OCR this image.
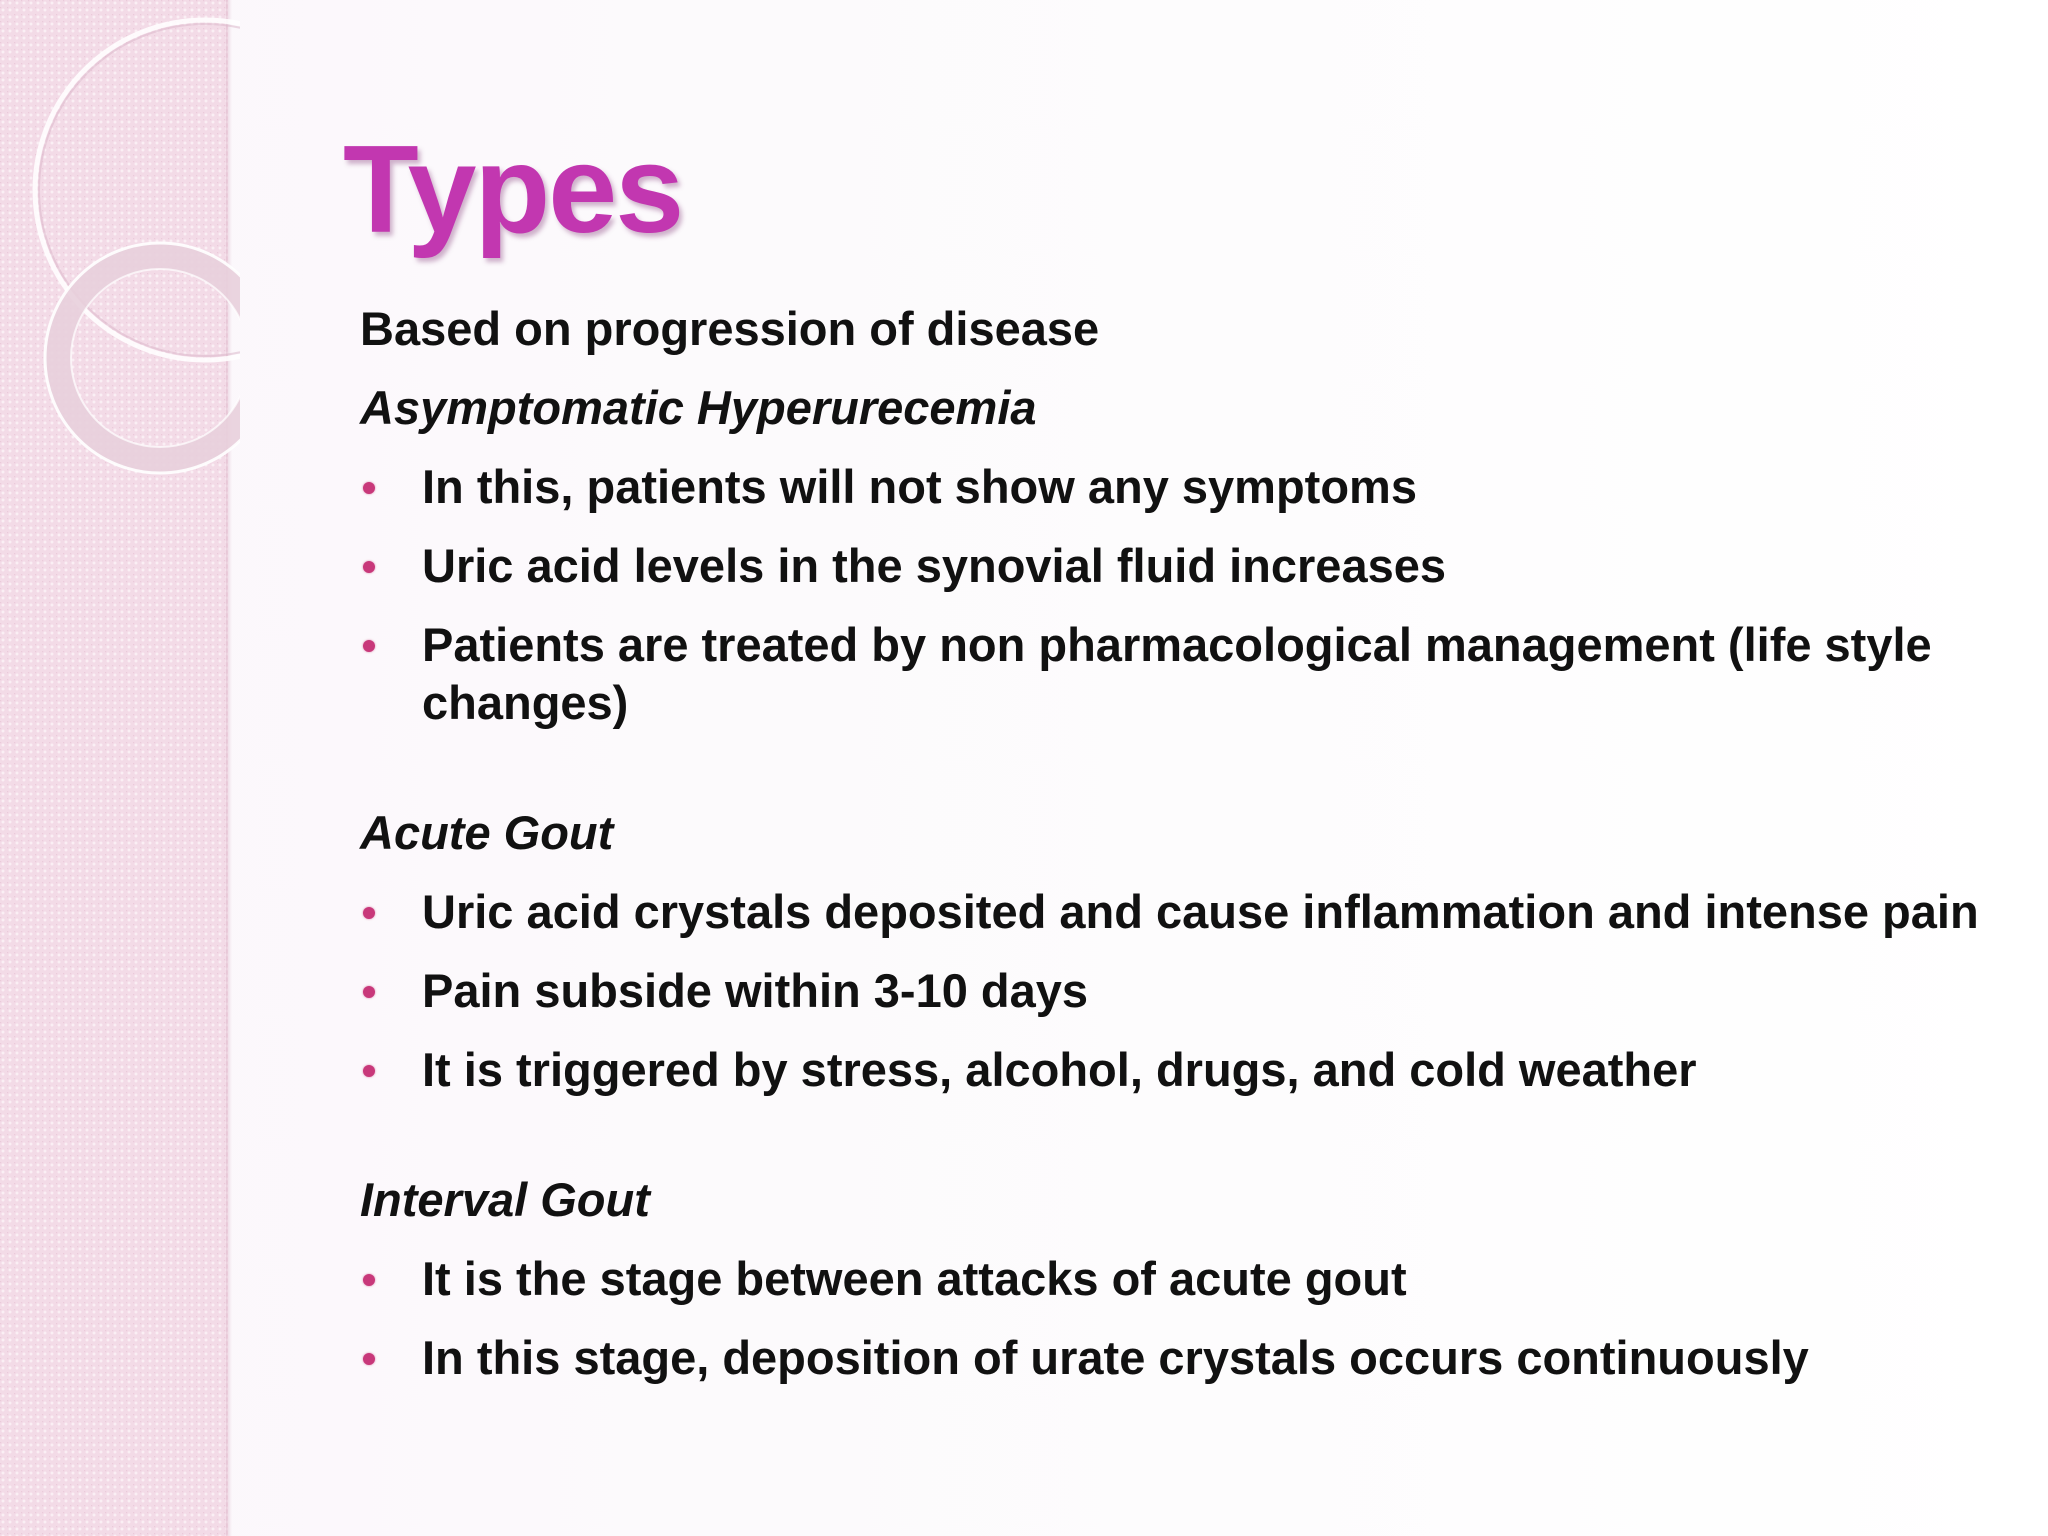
Types

Based on progression of disease

Asymptomatic Hyperurecemia

In this, patients will not show any symptoms
Uric acid levels in the synovial fluid increases
Patients are treated by non pharmacological management (life style changes)

Acute Gout

Uric acid crystals deposited and cause inflammation and intense pain
Pain subside within 3-10 days
It is triggered by stress, alcohol, drugs, and cold weather

Interval Gout

It is the stage between attacks of acute gout
In this stage, deposition of urate crystals occurs continuously
